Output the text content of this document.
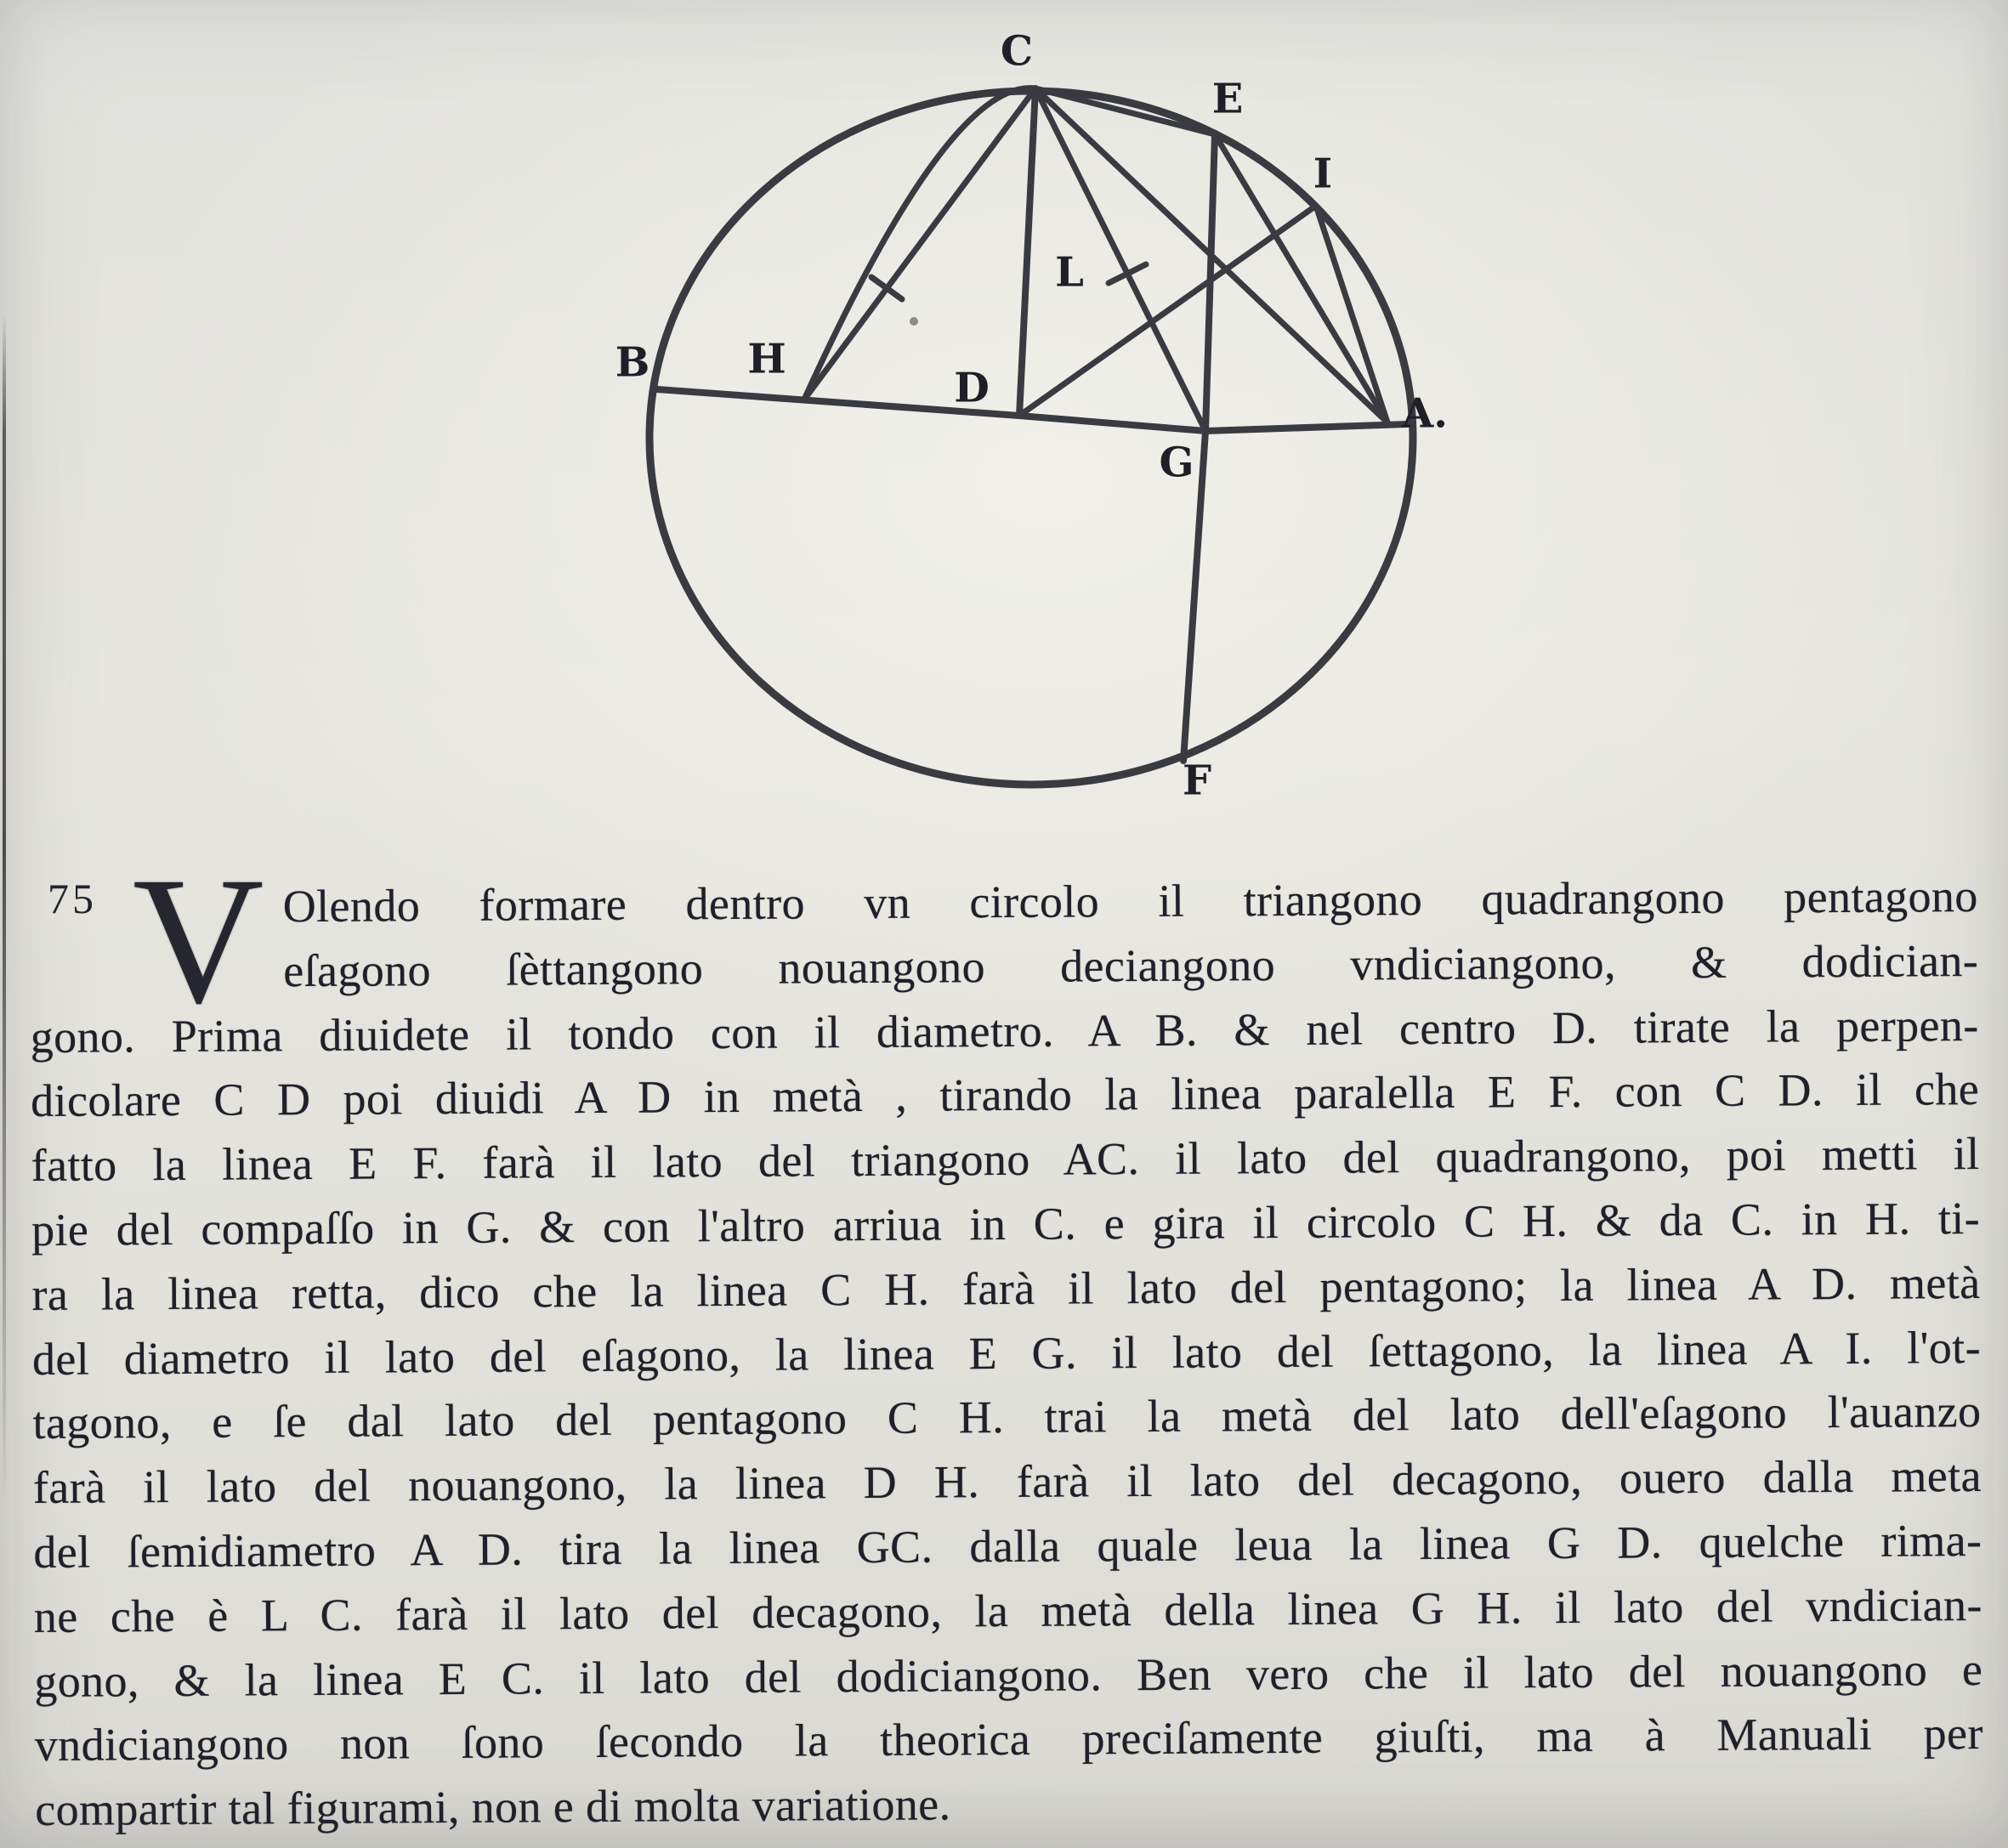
C
E
I
B H
D
L
G
A.
F
75 V Olendo formare dentro vn circolo il triangono quadrangono pentagono
eſagono ſèttangono nouangono deciangono vndiciangono, & dodician-
gono. Prima diuidete il tondo con il diametro. A B. & nel centro D. tirate la perpen-
dicolare C D poi diuidi A D in metà , tirando la linea paralella E F. con C D. il che
fatto la linea E F. farà il lato del triangono AC. il lato del quadrangono, poi metti il
pie del compaſſo in G. & con l'altro arriua in C. e gira il circolo C H. & da C. in H. ti-
ra la linea retta, dico che la linea C H. farà il lato del pentagono; la linea A D. metà
del diametro il lato del eſagono, la linea E G. il lato del ſettagono, la linea A I. l'ot-
tagono, e ſe dal lato del pentagono C H. trai la metà del lato dell'eſagono l'auanzo
farà il lato del nouangono, la linea D H. farà il lato del decagono, ouero dalla meta
del ſemidiametro A D. tira la linea GC. dalla quale leua la linea G D. quelche rima-
ne che è L C. farà il lato del decagono, la metà della linea G H. il lato del vndician-
gono, & la linea E C. il lato del dodiciangono. Ben vero che il lato del nouangono e
vndiciangono non ſono ſecondo la theorica preciſamente giuſti, ma à Manuali per
compartir tal figurami, non e di molta variatione.
